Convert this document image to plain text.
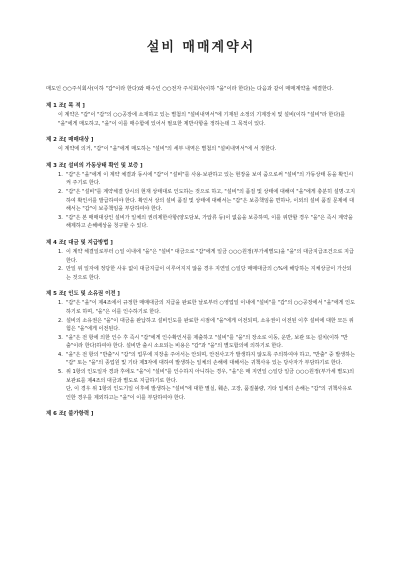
설비 매매계약서
매도인 ○○주식회사(이하 "갑"이라 한다)와 매수인 ○○전자 주식회사(이하 "을"이라 한다)는 다음과 같이 매매계약을 체결한다.
제 1 조[ 목 적 ]
이 계약은 "갑"이 "갑"의 ○○공장에 소재하고 있는 별첨의 "설비내역서"에 기재된 소정의 기계장치 및 설비(이하 "설비"라 한다)를 "을"에게 매도하고, "을"이 이를 매수함에 있어서 필요한 제반사항을 정하는데 그 목적이 있다.
제 2 조[ 매매대상 ]
이 계약에 의거, "갑"이 "을"에게 매도하는 "설비"의 세부 내역은 별첨의 "설비내역서"에 서 정한다.
제 3 조[ 설비의 가동상태 확인 및 보증 ]
1. "갑"은 "을"에게 이 계약 체결과 동시에 "갑"이 "설비"를 사용·보관하고 있는 현장을 보여 줌으로써 "설비"의 가동상태 등을 확인시켜 주기로 한다.
2. "갑"은 "설비"를 계약체결 당시의 현재 상태대로 인도하는 것으로 하고, "설비"의 품질 및 상태에 대해여 "을"에게 충분히 설명·고지하여 확인서를 발급하여야 한다. 확인서 상의 설비 품질 및 상태에 대해서는 "갑"은 보증책임을 면하나, 이외의 설비 품질 문제에 대해서는 "갑"이 보증책임을 부담하여야 한다.
3. "갑"은 본 매매대상인 설비가 일체의 권리제한사항(양도담보, 가압류 등)이 없음을 보증하며, 이를 위반할 경우 "을"은 즉시 계약을 해제하고 손해배상을 청구할 수 있다.
제 4 조[ 대금 및 지급방법 ]
1. 이 계약 체결일로부터 ○일 이내에 "을"은 "설비" 대금으로 "갑"에게 일금 ○○○원정(부가세별도)을 "을"의 대금지급조건으로 지급한다.
2. 만일 위 일자에 정당한 사유 없이 대금지급이 이루어지지 않을 경우 지연일 ○일당 매매대금의 ○%에 해당하는 지체상금이 가산되는 것으로 한다.
제 5 조[ 인도 및 소유권 이전 ]
1. "갑"은 "을"이 제4조에서 규정한 매매대금의 지급을 완료한 날로부터 ○영업일 이내에 "설비"를 "갑"의 ○○공장에서 "을"에게 인도하기로 하며, "을"은 이를 인수하기로 한다.
2. 설비의 소유권은 "을"이 대금을 완납하고 설비인도를 완료한 시점에 "을"에게 이전되며, 소유권이 이전된 이후 설비에 대한 모든 위험은 "을"에게 이전된다.
3. "을"은 전 항에 의한 인수 후 즉시 "갑"에게 인수확인서를 제출하고 "설비"를 "을"의 장소로 이동, 운반, 보관 또는 설치(이하 "반출"이라 한다)하여야 한다. 설비반 출시 소요되는 비용은 "갑"과 "을"의 별도합의에 의하기로 한다.
4. "을"은 전 항의 "반출"시 "갑"의 업무에 지장을 주어서는 안되며, 안전사고가 발생하지 않도록 주의하여야 하고, "반출" 중 발생하는 "갑" 또는 "을"의 종업원 및 기타 제3자에 대하여 발생하는 일체의 손해에 대해서는 귀책사유 있는 당사자가 부담하기로 한다.
5. 위 1항의 인도일자 경과 후에도 "을"이 "설비"를 인수하지 아니하는 경우, "을"은 매 지연일 ○일당 일금 ○○○원정(부가세 별도)의 보관료를 제4조의 대금과 별도로 지급하기로 한다.
단, 이 경우 위 1항의 인도기일 이후에 발생하는 "설비"에 대한 멸실, 훼손, 고장, 품질불량, 기타 일체의 손해는 "갑"의 귀책사유로 인한 경우를 제외하고는 "을"이 이를 부담하여야 한다.
제 6 조[ 불가항력 ]
